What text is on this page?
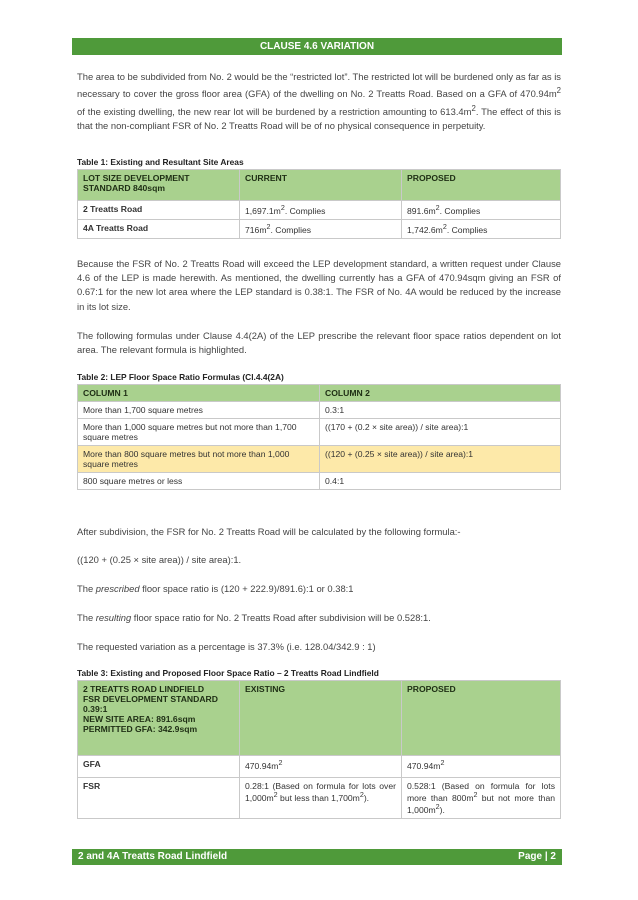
CLAUSE 4.6 VARIATION
The area to be subdivided from No. 2 would be the “restricted lot”. The restricted lot will be burdened only as far as is necessary to cover the gross floor area (GFA) of the dwelling on No. 2 Treatts Road. Based on a GFA of $470.94m^2$ of the existing dwelling, the new rear lot will be burdened by a restriction amounting to $613.4m^2$. The effect of this is that the non-compliant FSR of No. 2 Treatts Road will be of no physical consequence in perpetuity.
Table 1: Existing and Resultant Site Areas
LOT SIZE DEVELOPMENT STANDARD 840sqm	CURRENT	PROPOSED
2 Treatts Road	$1,697.1m^2$. Complies	$891.6m^2$. Complies
4A Treatts Road	$716m^2$. Complies	$1,742.6m^2$. Complies
Because the FSR of No. 2 Treatts Road will exceed the LEP development standard, a written request under Clause 4.6 of the LEP is made herewith. As mentioned, the dwelling currently has a GFA of 470.94sqm giving an FSR of 0.67:1 for the new lot area where the LEP standard is 0.38:1. The FSR of No. 4A would be reduced by the increase in its lot size.
The following formulas under Clause 4.4(2A) of the LEP prescribe the relevant floor space ratios dependent on lot area. The relevant formula is highlighted.
Table 2: LEP Floor Space Ratio Formulas (Cl.4.4(2A)
COLUMN 1	COLUMN 2
More than 1,700 square metres	0.3:1
More than 1,000 square metres but not more than 1,700 square metres	((170 + (0.2 × site area)) / site area):1
More than 800 square metres but not more than 1,000 square metres	((120 + (0.25 × site area)) / site area):1
800 square metres or less	0.4:1
After subdivision, the FSR for No. 2 Treatts Road will be calculated by the following formula:-
((120 + (0.25 × site area)) / site area):1.
The prescribed floor space ratio is (120 + 222.9)/891.6):1 or 0.38:1
The resulting floor space ratio for No. 2 Treatts Road after subdivision will be 0.528:1.
The requested variation as a percentage is 37.3% (i.e. 128.04/342.9 : 1)
Table 3: Existing and Proposed Floor Space Ratio – 2 Treatts Road Lindfield
2 TREATTS ROAD LINDFIELD
FSR DEVELOPMENT STANDARD
0.39:1
NEW SITE AREA: 891.6sqm
PERMITTED GFA: 342.9sqm	EXISTING	PROPOSED
GFA	$470.94m^2$	$470.94m^2$
FSR	0.28:1 (Based on formula for lots over $1,000m^2$ but less than $1,700m^2$).	0.528:1 (Based on formula for lots more than $800m^2$ but not more than $1,000m^2$).
2 and 4A Treatts Road Lindfield	Page | 2
